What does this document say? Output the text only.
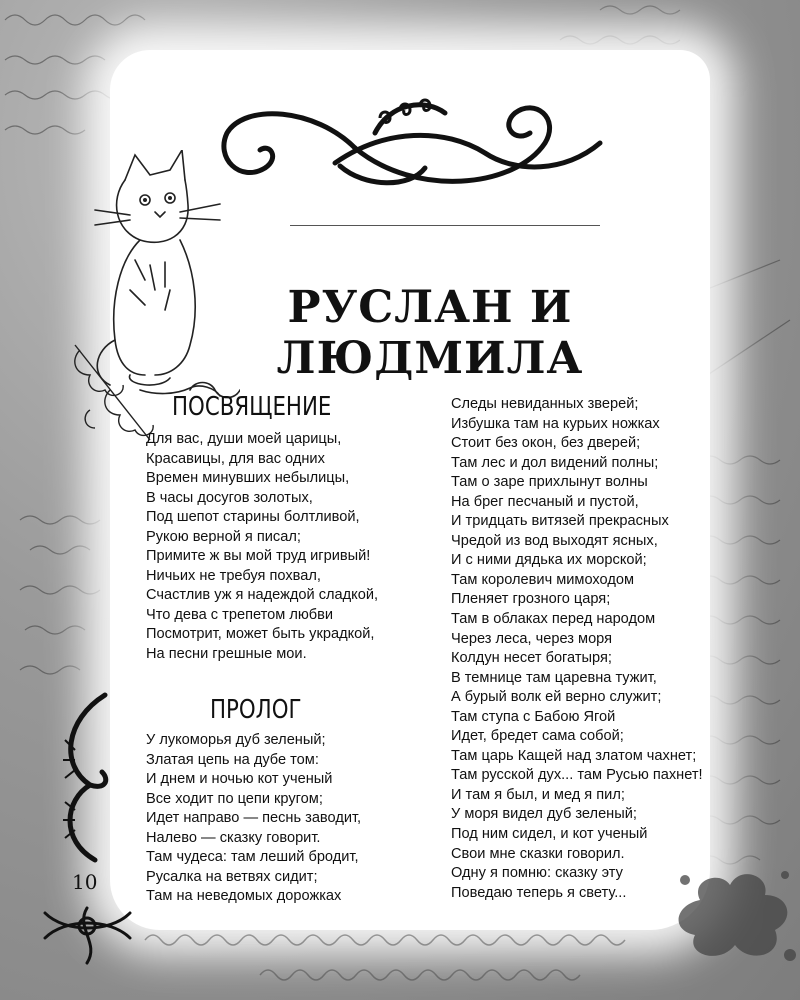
10
РУСЛАН И ЛЮДМИЛА
ПОСВЯЩЕНИЕ
Для вас, души моей царицы,
Красавицы, для вас одних
Времен минувших небылицы,
В часы досугов золотых,
Под шепот старины болтливой,
Рукою верной я писал;
Примите ж вы мой труд игривый!
Ничьих не требуя похвал,
Счастлив уж я надеждой сладкой,
Что дева с трепетом любви
Посмотрит, может быть украдкой,
На песни грешные мои.
ПРОЛОГ
У лукоморья дуб зеленый;
Златая цепь на дубе том:
И днем и ночью кот ученый
Все ходит по цепи кругом;
Идет направо — песнь заводит,
Налево — сказку говорит.
Там чудеса: там леший бродит,
Русалка на ветвях сидит;
Там на неведомых дорожках
Следы невиданных зверей;
Избушка там на курьих ножках
Стоит без окон, без дверей;
Там лес и дол видений полны;
Там о заре прихлынут волны
На брег песчаный и пустой,
И тридцать витязей прекрасных
Чредой из вод выходят ясных,
И с ними дядька их морской;
Там королевич мимоходом
Пленяет грозного царя;
Там в облаках перед народом
Через леса, через моря
Колдун несет богатыря;
В темнице там царевна тужит,
А бурый волк ей верно служит;
Там ступа с Бабою Ягой
Идет, бредет сама собой;
Там царь Кащей над златом чахнет;
Там русской дух... там Русью пахнет!
И там я был, и мед я пил;
У моря видел дуб зеленый;
Под ним сидел, и кот ученый
Свои мне сказки говорил.
Одну я помню: сказку эту
Поведаю теперь я свету...
